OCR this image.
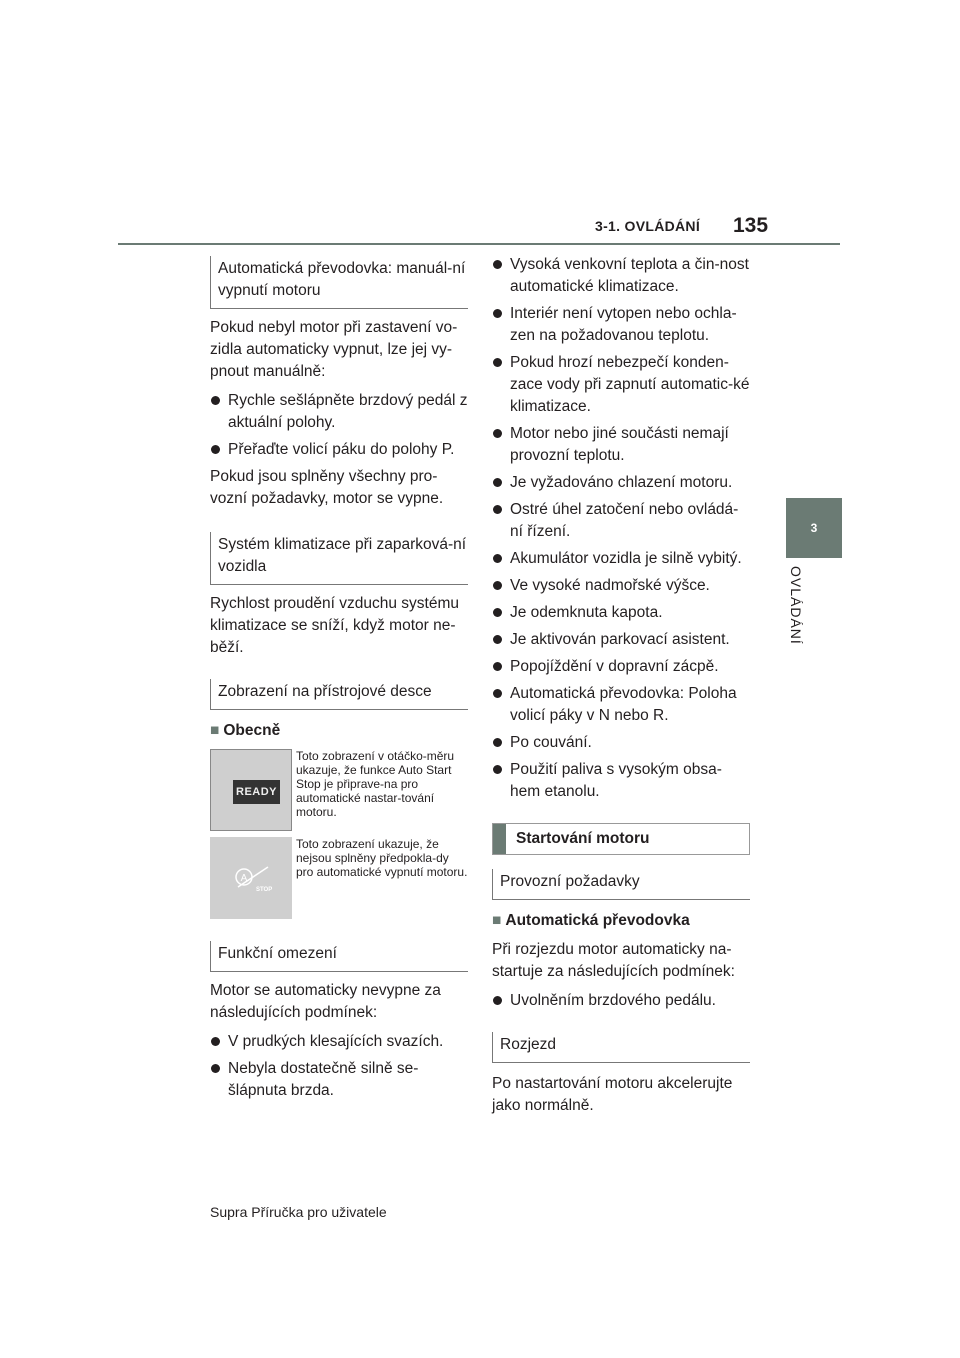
3-1. OVLÁDÁNÍ 135
3
OVLÁDÁNÍ
Automatická převodovka: manuál-ní vypnutí motoru

Pokud nebyl motor při zastavení vo-zidla automaticky vypnut, lze jej vy-pnout manuálně:

Rychle sešlápněte brzdový pedál z aktuální polohy.
Přeřaďte volicí páku do polohy P.

Pokud jsou splněny všechny pro-vozní požadavky, motor se vypne.

Systém klimatizace při zaparková-ní vozidla

Rychlost proudění vzduchu systému klimatizace se sníží, když motor ne-běží.

Zobrazení na přístrojové desce
■ Obecně
READY
Toto zobrazení v otáčko-měru ukazuje, že funkce Auto Start Stop je připrave-na pro automatické nastar-tování motoru.
A
STOP
Toto zobrazení ukazuje, že nejsou splněny předpokla-dy pro automatické vypnutí motoru.
Funkční omezení

Motor se automaticky nevypne za následujících podmínek:

V prudkých klesajících svazích.
Nebyla dostatečně silně se-šlápnuta brzda.
Vysoká venkovní teplota a čin-nost automatické klimatizace.
Interiér není vytopen nebo ochla-zen na požadovanou teplotu.
Pokud hrozí nebezpečí konden-zace vody při zapnutí automatic-ké klimatizace.
Motor nebo jiné součásti nemají provozní teplotu.
Je vyžadováno chlazení motoru.
Ostré úhel zatočení nebo ovládá-ní řízení.
Akumulátor vozidla je silně vybitý.
Ve vysoké nadmořské výšce.
Je odemknuta kapota.
Je aktivován parkovací asistent.
Popojíždění v dopravní zácpě.
Automatická převodovka: Poloha volicí páky v N nebo R.
Po couvání.
Použití paliva s vysokým obsa-hem etanolu.
Startování motoru
Provozní požadavky
■ Automatická převodovka

Při rozjezdu motor automaticky na-startuje za následujících podmínek:

Uvolněním brzdového pedálu.
Rozjezd

Po nastartování motoru akcelerujte jako normálně.

Supra Příručka pro uživatele
